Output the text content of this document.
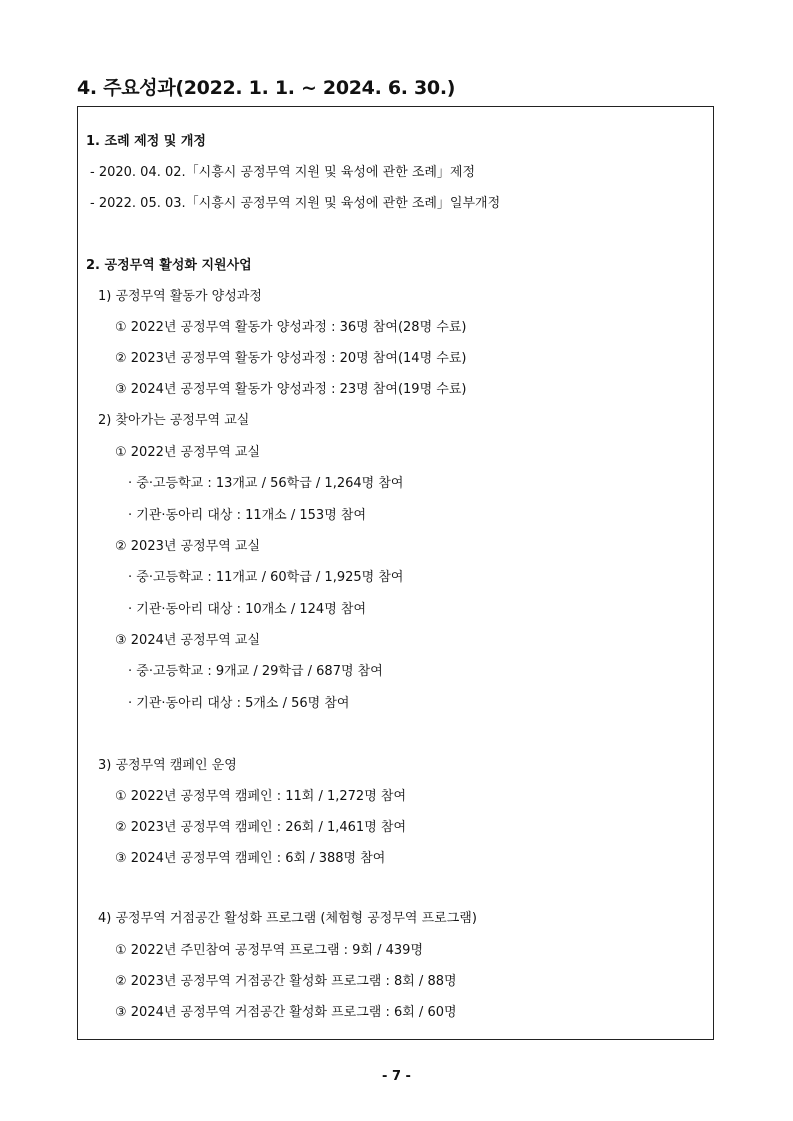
4. 주요성과(2022. 1. 1. ~ 2024. 6. 30.)
1. 조례 제정 및 개정
- 2020. 04. 02.「시흥시 공정무역 지원 및 육성에 관한 조례」제정
- 2022. 05. 03.「시흥시 공정무역 지원 및 육성에 관한 조례」일부개정
2. 공정무역 활성화 지원사업
1) 공정무역 활동가 양성과정
① 2022년 공정무역 활동가 양성과정 : 36명 참여(28명 수료)
② 2023년 공정무역 활동가 양성과정 : 20명 참여(14명 수료)
③ 2024년 공정무역 활동가 양성과정 : 23명 참여(19명 수료)
2) 찾아가는 공정무역 교실
① 2022년 공정무역 교실
· 중·고등학교 : 13개교 / 56학급 / 1,264명 참여
· 기관·동아리 대상 : 11개소 / 153명 참여
② 2023년 공정무역 교실
· 중·고등학교 : 11개교 / 60학급 / 1,925명 참여
· 기관·동아리 대상 : 10개소 / 124명 참여
③ 2024년 공정무역 교실
· 중·고등학교 : 9개교 / 29학급 / 687명 참여
· 기관·동아리 대상 : 5개소 / 56명 참여
3) 공정무역 캠페인 운영
① 2022년 공정무역 캠페인 : 11회 / 1,272명 참여
② 2023년 공정무역 캠페인 : 26회 / 1,461명 참여
③ 2024년 공정무역 캠페인 : 6회 / 388명 참여
4) 공정무역 거점공간 활성화 프로그램 (체험형 공정무역 프로그램)
① 2022년 주민참여 공정무역 프로그램 : 9회 / 439명
② 2023년 공정무역 거점공간 활성화 프로그램 : 8회 / 88명
③ 2024년 공정무역 거점공간 활성화 프로그램 : 6회 / 60명
- 7 -
